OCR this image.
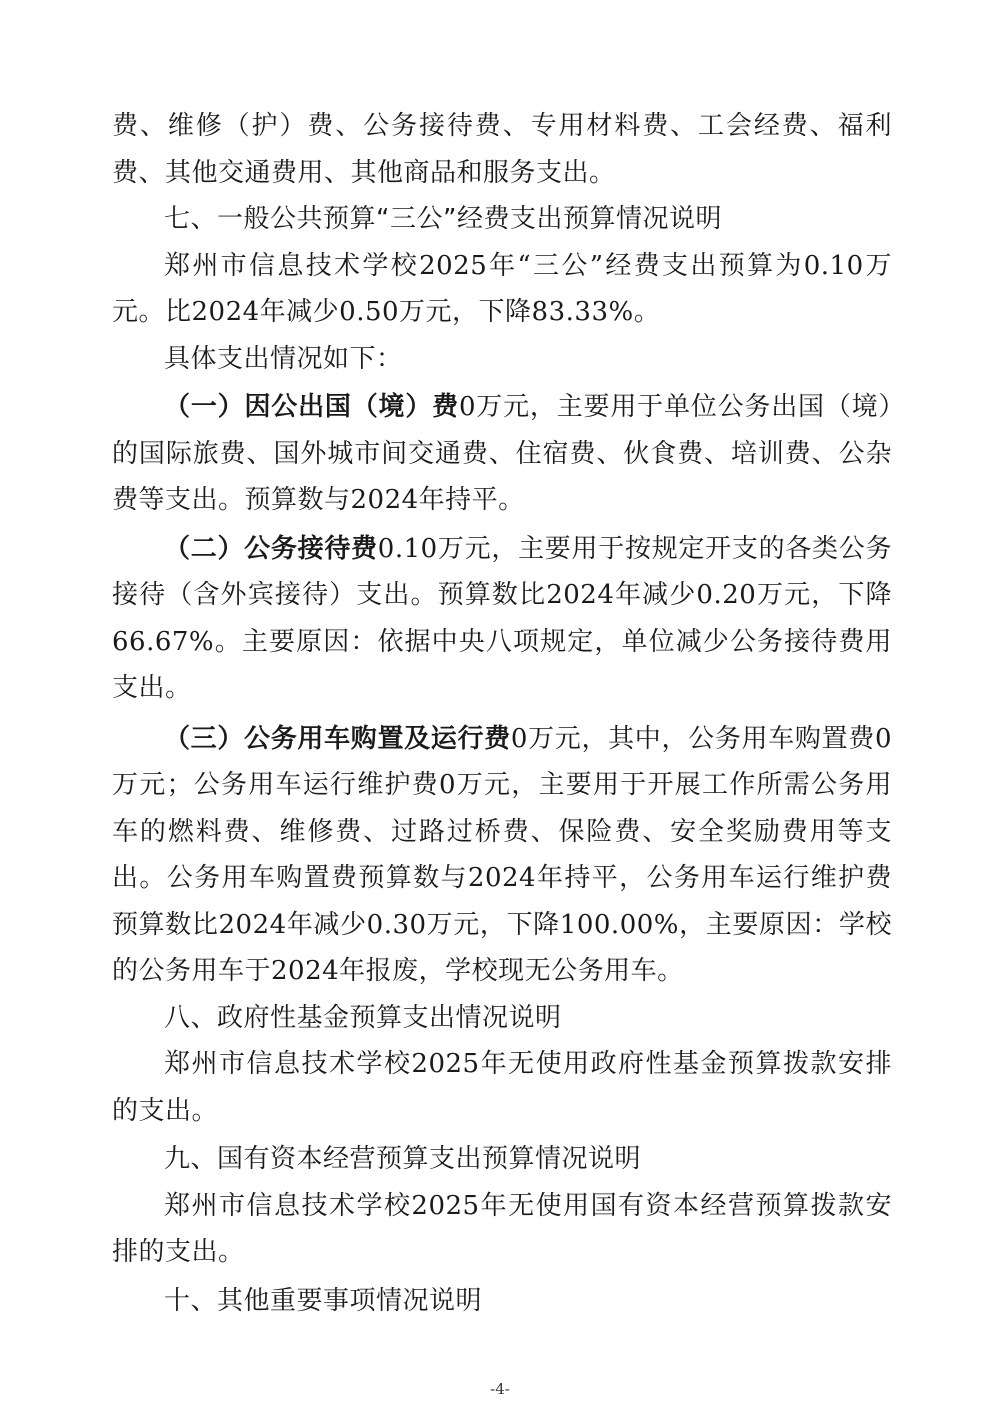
费、维修（护）费、公务接待费、专用材料费、工会经费、福利费、其他交通费用、其他商品和服务支出。

七、一般公共预算“三公”经费支出预算情况说明

郑州市信息技术学校2025年“三公”经费支出预算为0.10万元。比2024年减少0.50万元，下降83.33%。

具体支出情况如下：

（一）因公出国（境）费0万元，主要用于单位公务出国（境）的国际旅费、国外城市间交通费、住宿费、伙食费、培训费、公杂费等支出。预算数与2024年持平。

（二）公务接待费0.10万元，主要用于按规定开支的各类公务接待（含外宾接待）支出。预算数比2024年减少0.20万元，下降66.67%。主要原因：依据中央八项规定，单位减少公务接待费用支出。

（三）公务用车购置及运行费0万元，其中，公务用车购置费0万元；公务用车运行维护费0万元，主要用于开展工作所需公务用车的燃料费、维修费、过路过桥费、保险费、安全奖励费用等支出。公务用车购置费预算数与2024年持平，公务用车运行维护费预算数比2024年减少0.30万元，下降100.00%，主要原因：学校的公务用车于2024年报废，学校现无公务用车。

八、政府性基金预算支出情况说明

郑州市信息技术学校2025年无使用政府性基金预算拨款安排的支出。

九、国有资本经营预算支出预算情况说明

郑州市信息技术学校2025年无使用国有资本经营预算拨款安排的支出。

十、其他重要事项情况说明

-4-
